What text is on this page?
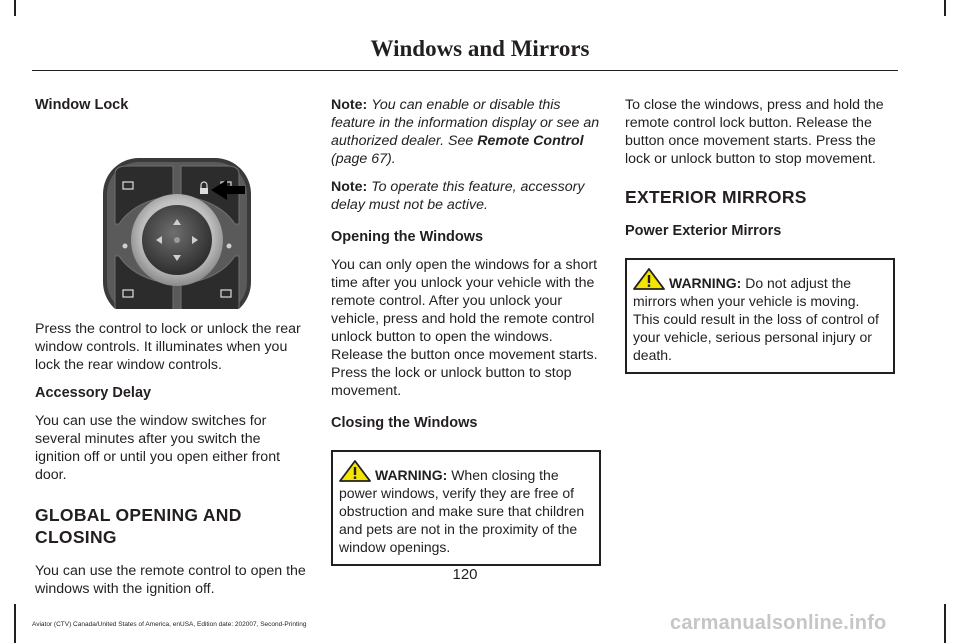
Windows and Mirrors
Window Lock

Press the control to lock or unlock the rear window controls. It illuminates when you lock the rear window controls.

Accessory Delay

You can use the window switches for several minutes after you switch the ignition off or until you open either front door.

GLOBAL OPENING AND CLOSING

You can use the remote control to open the windows with the ignition off.

Note: You can enable or disable this feature in the information display or see an authorized dealer. See Remote Control (page 67).

Note: To operate this feature, accessory delay must not be active.

Opening the Windows

You can only open the windows for a short time after you unlock your vehicle with the remote control. After you unlock your vehicle, press and hold the remote control unlock button to open the windows. Release the button once movement starts. Press the lock or unlock button to stop movement.

Closing the Windows
WARNING: When closing the power windows, verify they are free of obstruction and make sure that children and pets are not in the proximity of the window openings.

To close the windows, press and hold the remote control lock button. Release the button once movement starts. Press the lock or unlock button to stop movement.

EXTERIOR MIRRORS
Power Exterior Mirrors
WARNING: Do not adjust the mirrors when your vehicle is moving. This could result in the loss of control of your vehicle, serious personal injury or death.
120
Aviator (CTV) Canada/United States of America, enUSA, Edition date: 202007, Second-Printing	carmanualsonline.info
